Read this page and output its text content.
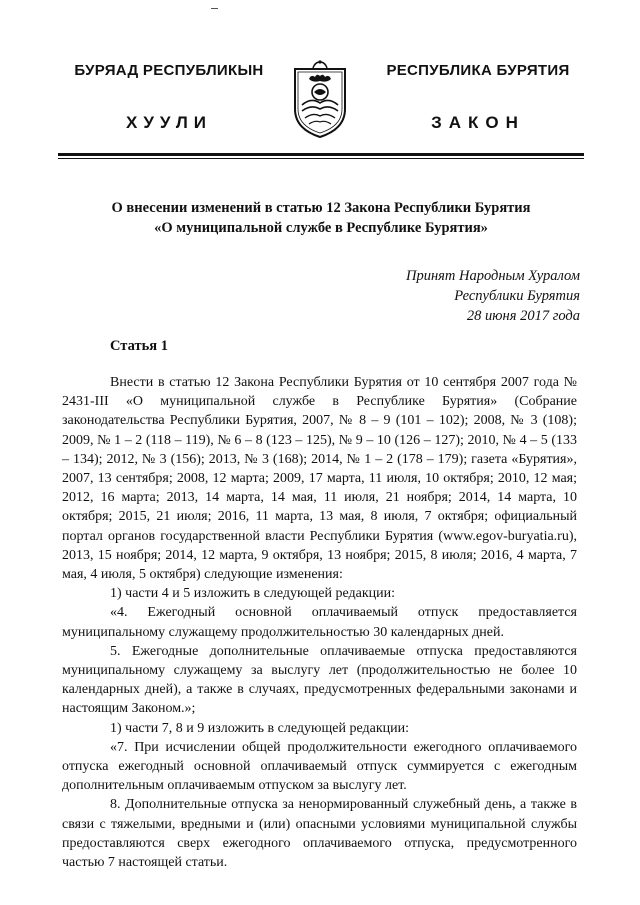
БУРЯАД РЕСПУБЛИКЫН	РЕСПУБЛИКА БУРЯТИЯ
ХУУЛИ	ЗАКОН
О внесении изменений в статью 12 Закона Республики Бурятия
«О муниципальной службе в Республике Бурятия»
Принят Народным Хуралом
Республики Бурятия
28 июня 2017 года
Статья 1

Внести в статью 12 Закона Республики Бурятия от 10 сентября 2007 года № 2431-III «О муниципальной службе в Республике Бурятия» (Собрание законодательства Республики Бурятия, 2007, № 8 – 9 (101 – 102); 2008, № 3 (108); 2009, № 1 – 2 (118 – 119), № 6 – 8 (123 – 125), № 9 – 10 (126 – 127); 2010, № 4 – 5 (133 – 134); 2012, № 3 (156); 2013, № 3 (168); 2014, № 1 – 2 (178 – 179); газета «Бурятия», 2007, 13 сентября; 2008, 12 марта; 2009, 17 марта, 11 июля, 10 октября; 2010, 12 мая; 2012, 16 марта; 2013, 14 марта, 14 мая, 11 июля, 21 ноября; 2014, 14 марта, 10 октября; 2015, 21 июля; 2016, 11 марта, 13 мая, 8 июля, 7 октября; официальный портал органов государственной власти Республики Бурятия (www.egov-buryatia.ru), 2013, 15 ноября; 2014, 12 марта, 9 октября, 13 ноября; 2015, 8 июля; 2016, 4 марта, 7 мая, 4 июля, 5 октября) следующие изменения:

1) части 4 и 5 изложить в следующей редакции:

«4. Ежегодный основной оплачиваемый отпуск предоставляется муниципальному служащему продолжительностью 30 календарных дней.

5. Ежегодные дополнительные оплачиваемые отпуска предоставляются муниципальному служащему за выслугу лет (продолжительностью не более 10 календарных дней), а также в случаях, предусмотренных федеральными законами и настоящим Законом.»;

1) части 7, 8 и 9 изложить в следующей редакции:

«7. При исчислении общей продолжительности ежегодного оплачиваемого отпуска ежегодный основной оплачиваемый отпуск суммируется с ежегодным дополнительным оплачиваемым отпуском за выслугу лет.

8. Дополнительные отпуска за ненормированный служебный день, а также в связи с тяжелыми, вредными и (или) опасными условиями муниципальной службы предоставляются сверх ежегодного оплачиваемого отпуска, предусмотренного частью 7 настоящей статьи.
